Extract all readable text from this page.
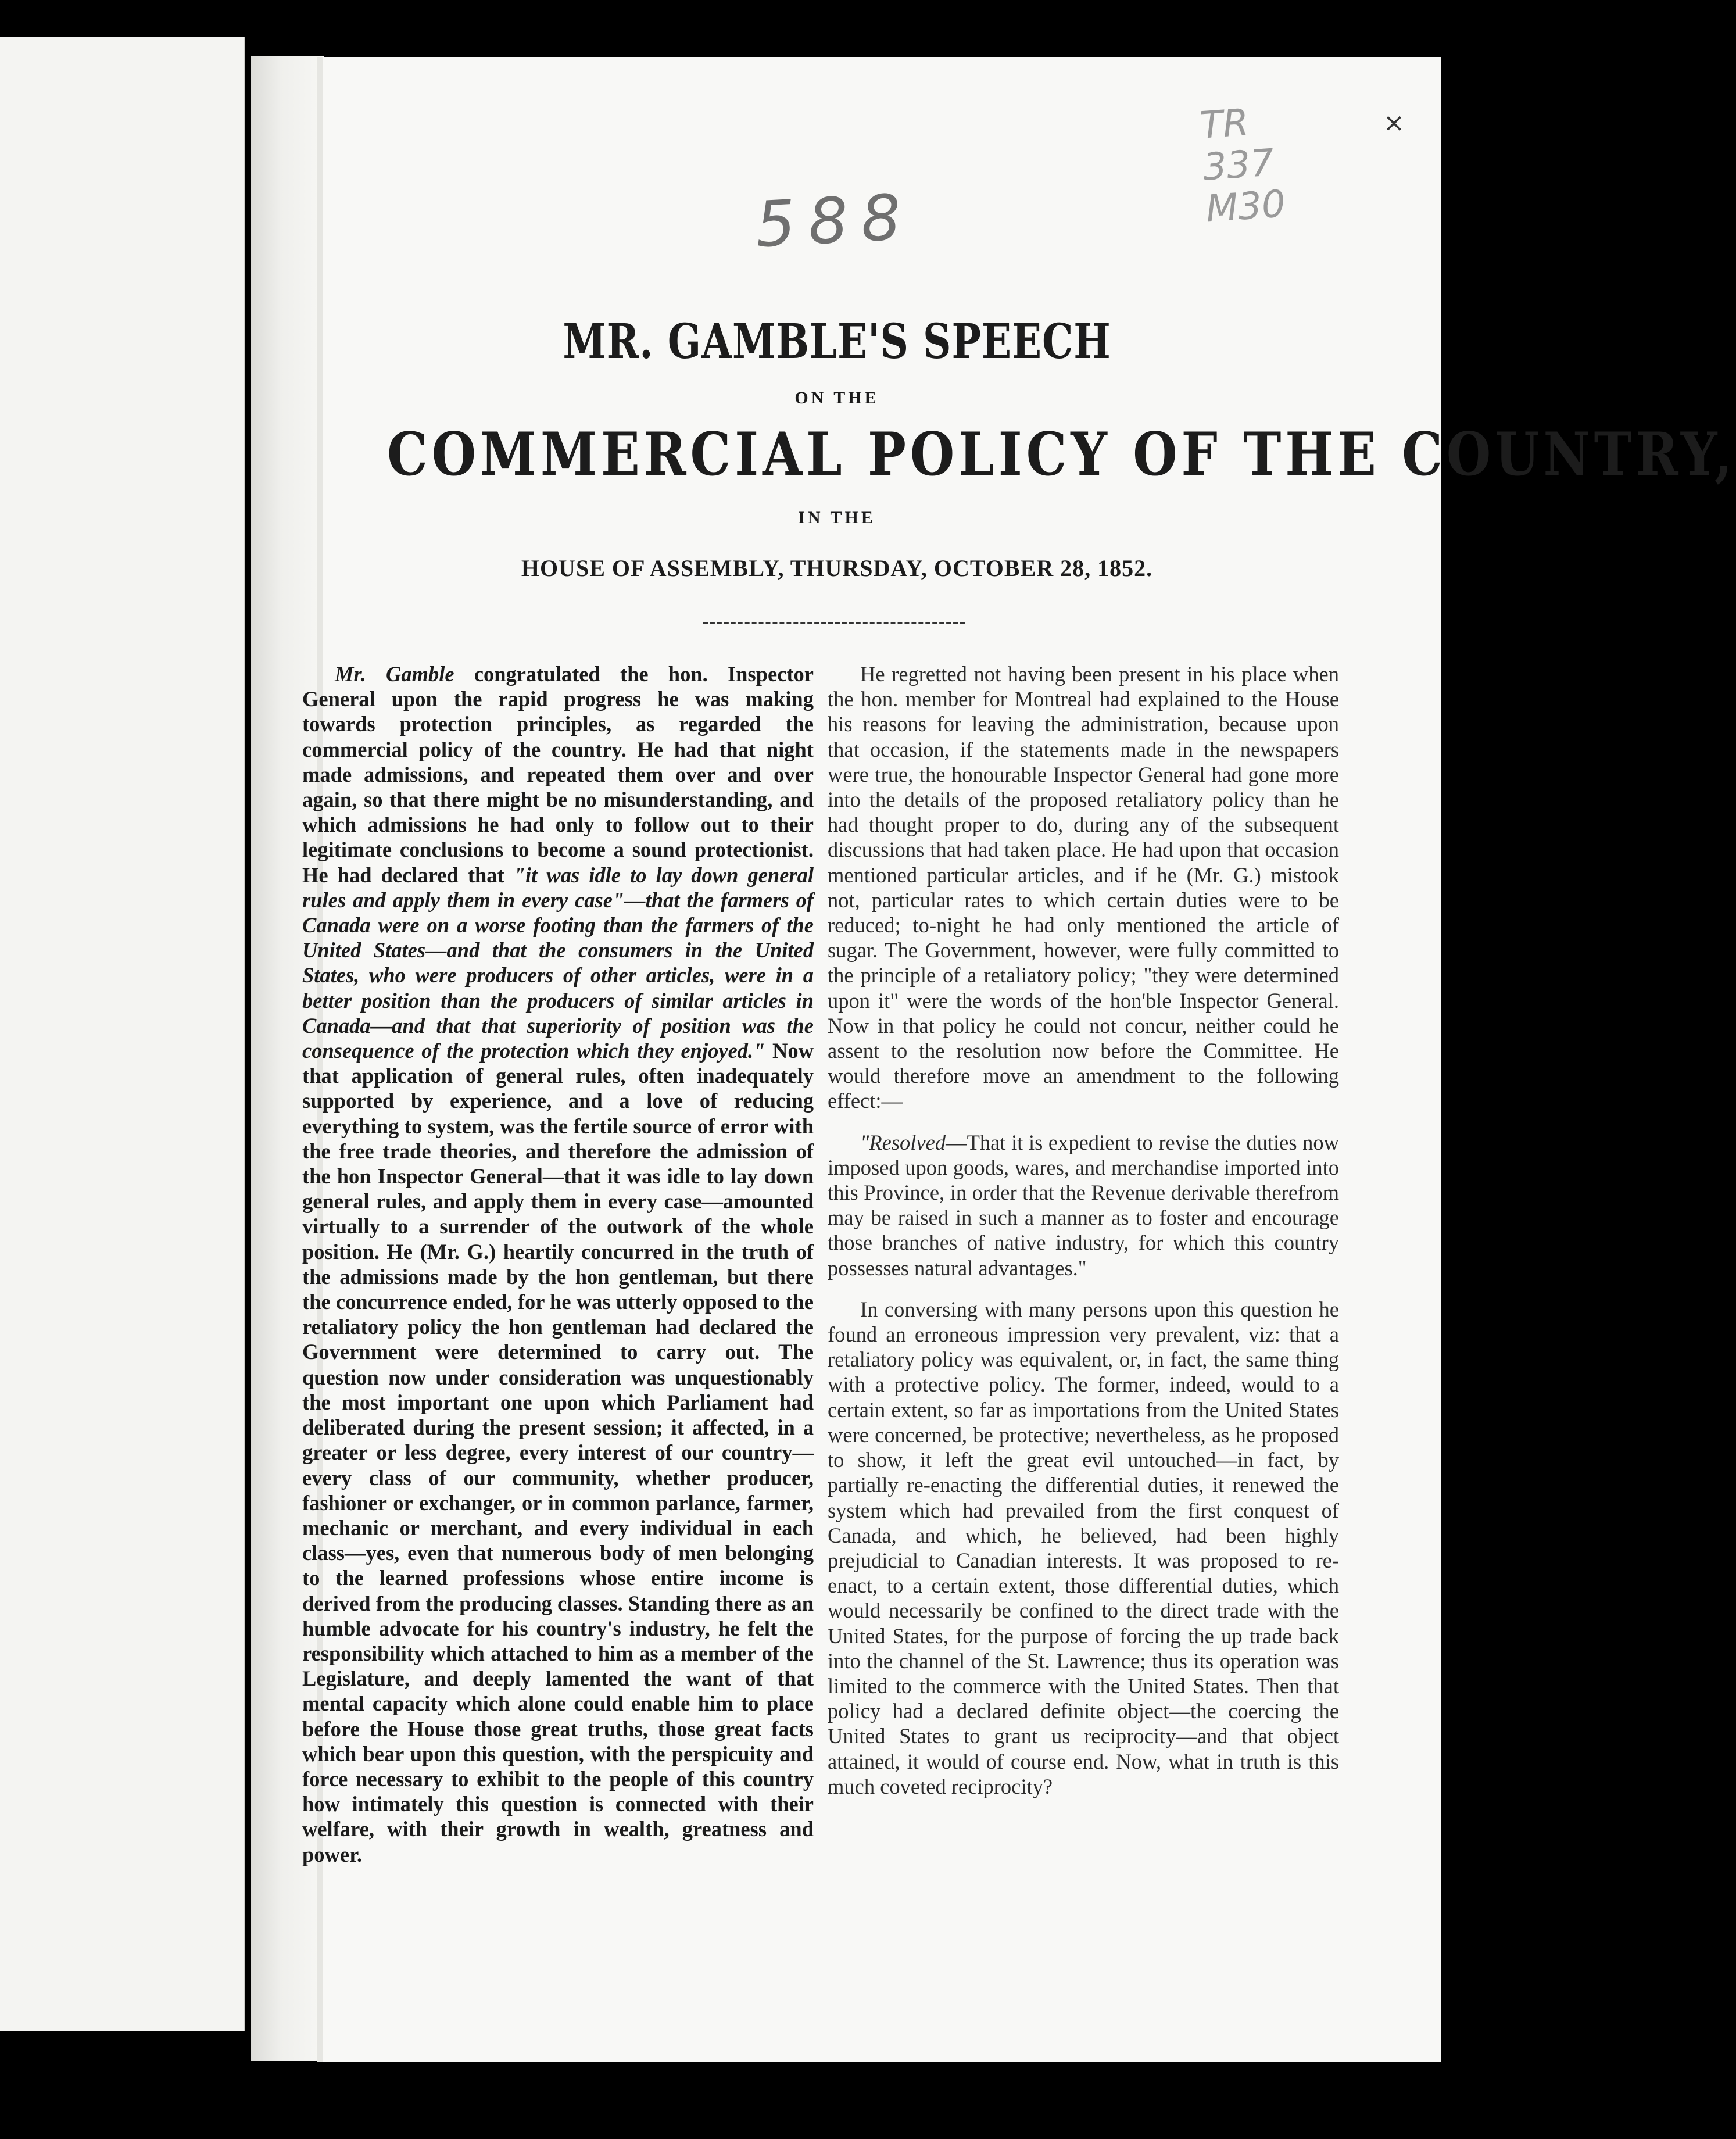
588
TR
337
M30
×
MR. GAMBLE'S SPEECH
ON THE
COMMERCIAL POLICY OF THE COUNTRY,
IN THE
HOUSE OF ASSEMBLY, THURSDAY, OCTOBER 28, 1852.

Mr. Gamble congratulated the hon. Inspector General upon the rapid progress he was making towards protection principles, as regarded the commercial policy of the country. He had that night made admissions, and repeated them over and over again, so that there might be no misunderstanding, and which admissions he had only to follow out to their legitimate conclusions to become a sound protectionist. He had declared that "it was idle to lay down general rules and apply them in every case"—that the farmers of Canada were on a worse footing than the farmers of the United States—and that the consumers in the United States, who were producers of other articles, were in a better position than the producers of similar articles in Canada—and that that superiority of position was the consequence of the protection which they enjoyed." Now that application of general rules, often inadequately supported by experience, and a love of reducing everything to system, was the fertile source of error with the free trade theories, and therefore the admission of the hon Inspector General—that it was idle to lay down general rules, and apply them in every case—amounted virtually to a surrender of the outwork of the whole position. He (Mr. G.) heartily concurred in the truth of the admissions made by the hon gentleman, but there the concurrence ended, for he was utterly opposed to the retaliatory policy the hon gentleman had declared the Government were determined to carry out. The question now under consideration was unquestionably the most important one upon which Parliament had deliberated during the present session; it affected, in a greater or less degree, every interest of our country—every class of our community, whether producer, fashioner or exchanger, or in common parlance, farmer, mechanic or merchant, and every individual in each class—yes, even that numerous body of men belonging to the learned professions whose entire income is derived from the producing classes. Standing there as an humble advocate for his country's industry, he felt the responsibility which attached to him as a member of the Legislature, and deeply lamented the want of that mental capacity which alone could enable him to place before the House those great truths, those great facts which bear upon this question, with the perspicuity and force necessary to exhibit to the people of this country how intimately this question is connected with their welfare, with their growth in wealth, greatness and power.

He regretted not having been present in his place when the hon. member for Montreal had explained to the House his reasons for leaving the administration, because upon that occasion, if the statements made in the newspapers were true, the honourable Inspector General had gone more into the details of the proposed retaliatory policy than he had thought proper to do, during any of the subsequent discussions that had taken place. He had upon that occasion mentioned particular articles, and if he (Mr. G.) mistook not, particular rates to which certain duties were to be reduced; to-night he had only mentioned the article of sugar. The Government, however, were fully committed to the principle of a retaliatory policy; "they were determined upon it" were the words of the hon'ble Inspector General. Now in that policy he could not concur, neither could he assent to the resolution now before the Committee. He would therefore move an amendment to the following effect:—

"Resolved—That it is expedient to revise the duties now imposed upon goods, wares, and merchandise imported into this Province, in order that the Revenue derivable therefrom may be raised in such a manner as to foster and encourage those branches of native industry, for which this country possesses natural advantages."

In conversing with many persons upon this question he found an erroneous impression very prevalent, viz: that a retaliatory policy was equivalent, or, in fact, the same thing with a protective policy. The former, indeed, would to a certain extent, so far as importations from the United States were concerned, be protective; nevertheless, as he proposed to show, it left the great evil untouched—in fact, by partially re-enacting the differential duties, it renewed the system which had prevailed from the first conquest of Canada, and which, he believed, had been highly prejudicial to Canadian interests. It was proposed to re-enact, to a certain extent, those differential duties, which would necessarily be confined to the direct trade with the United States, for the purpose of forcing the up trade back into the channel of the St. Lawrence; thus its operation was limited to the commerce with the United States. Then that policy had a declared definite object—the coercing the United States to grant us reciprocity—and that object attained, it would of course end. Now, what in truth is this much coveted reciprocity?
